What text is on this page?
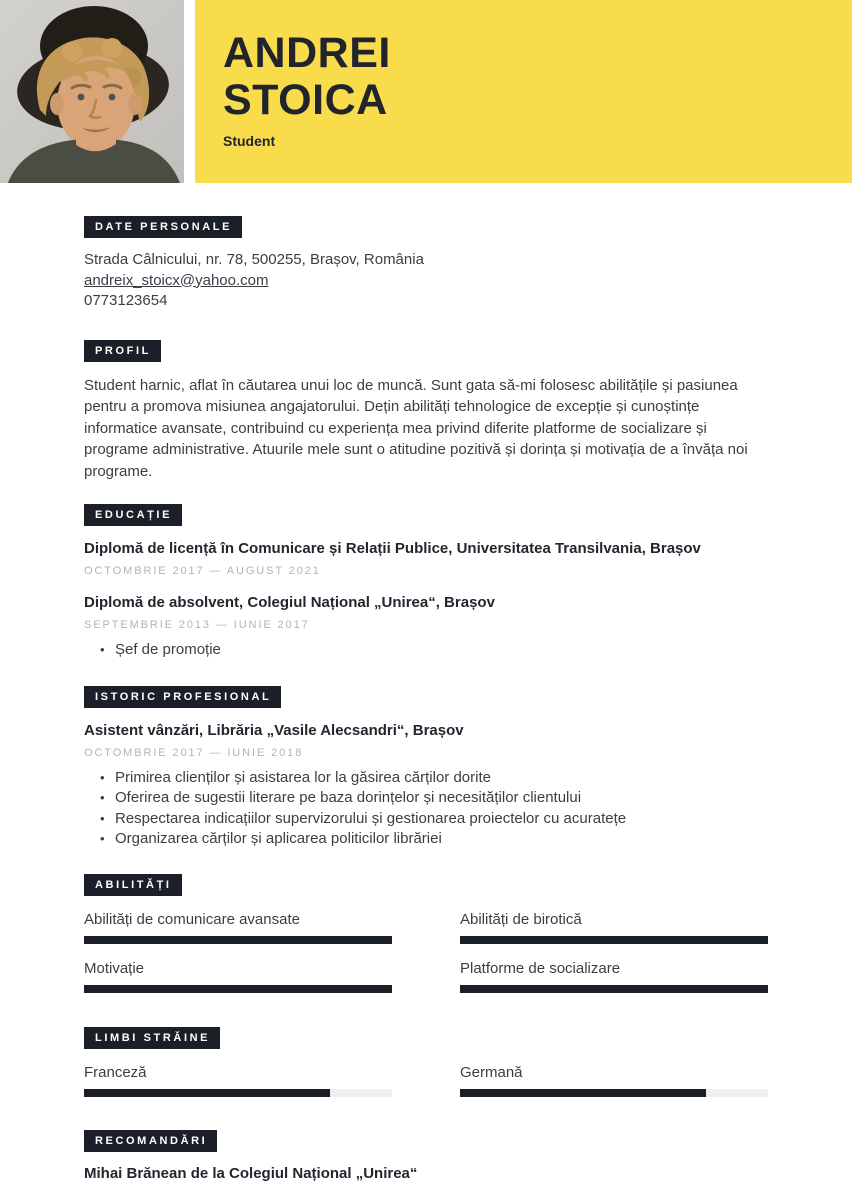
ANDREI
STOICA
Student
DATE PERSONALE
Strada Câlnicului, nr. 78, 500255, Brașov, România
andreix_stoicx@yahoo.com
0773123654
PROFIL

Student harnic, aflat în căutarea unui loc de muncă. Sunt gata să-mi folosesc abilitățile și pasiunea pentru a promova misiunea angajatorului. Dețin abilități tehnologice de excepție și cunoștințe informatice avansate, contribuind cu experiența mea privind diferite platforme de socializare și programe administrative. Atuurile mele sunt o atitudine pozitivă și dorința și motivația de a învăța noi programe.

EDUCAȚIE
Diplomă de licență în Comunicare și Relații Publice, Universitatea Transilvania, Brașov
OCTOMBRIE 2017 — AUGUST 2021
Diplomă de absolvent, Colegiul Național „Unirea“, Brașov
SEPTEMBRIE 2013 — IUNIE 2017
• Șef de promoție
ISTORIC PROFESIONAL
Asistent vânzări, Librăria „Vasile Alecsandri“, Brașov
OCTOMBRIE 2017 — IUNIE 2018
• Primirea clienților și asistarea lor la găsirea cărților dorite
• Oferirea de sugestii literare pe baza dorințelor și necesităților clientului
• Respectarea indicațiilor supervizorului și gestionarea proiectelor cu acuratețe
• Organizarea cărților și aplicarea politicilor librăriei
ABILITĂȚI
Abilități de comunicare avansate	Abilități de birotică
Motivație	Platforme de socializare
LIMBI STRĂINE
Franceză	Germană
RECOMANDĂRI
Mihai Brănean de la Colegiul Național „Unirea“
